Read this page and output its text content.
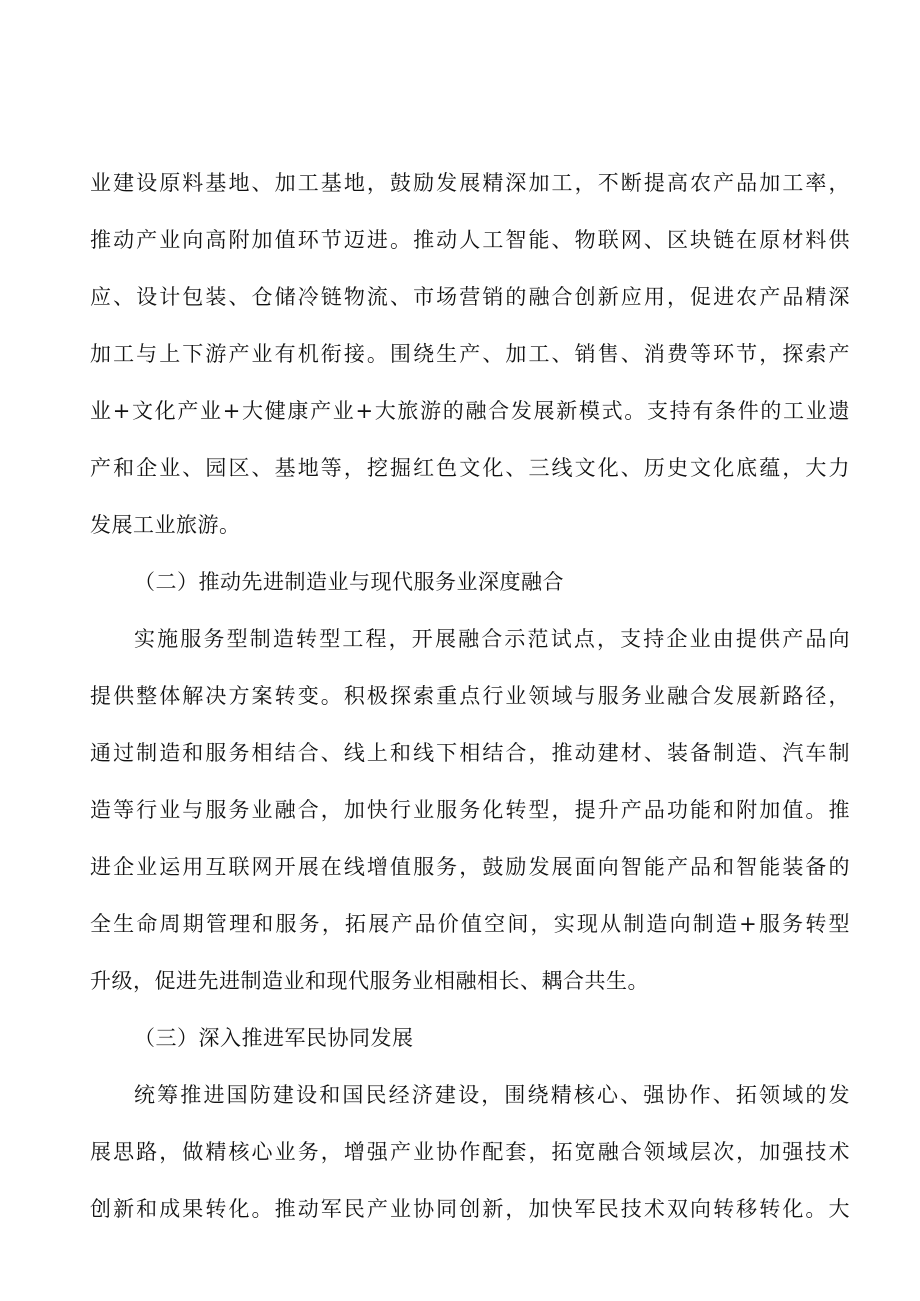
业建设原料基地、加工基地，鼓励发展精深加工，不断提高农产品加工率，
推动产业向高附加值环节迈进。推动人工智能、物联网、区块链在原材料供
应、设计包装、仓储冷链物流、市场营销的融合创新应用，促进农产品精深
加工与上下游产业有机衔接。围绕生产、加工、销售、消费等环节，探索产
业+文化产业+大健康产业+大旅游的融合发展新模式。支持有条件的工业遗
产和企业、园区、基地等，挖掘红色文化、三线文化、历史文化底蕴，大力
发展工业旅游。
（二）推动先进制造业与现代服务业深度融合
实施服务型制造转型工程，开展融合示范试点，支持企业由提供产品向
提供整体解决方案转变。积极探索重点行业领域与服务业融合发展新路径，
通过制造和服务相结合、线上和线下相结合，推动建材、装备制造、汽车制
造等行业与服务业融合，加快行业服务化转型，提升产品功能和附加值。推
进企业运用互联网开展在线增值服务，鼓励发展面向智能产品和智能装备的
全生命周期管理和服务，拓展产品价值空间，实现从制造向制造+服务转型
升级，促进先进制造业和现代服务业相融相长、耦合共生。
（三）深入推进军民协同发展
统筹推进国防建设和国民经济建设，围绕精核心、强协作、拓领域的发
展思路，做精核心业务，增强产业协作配套，拓宽融合领域层次，加强技术
创新和成果转化。推动军民产业协同创新，加快军民技术双向转移转化。大
